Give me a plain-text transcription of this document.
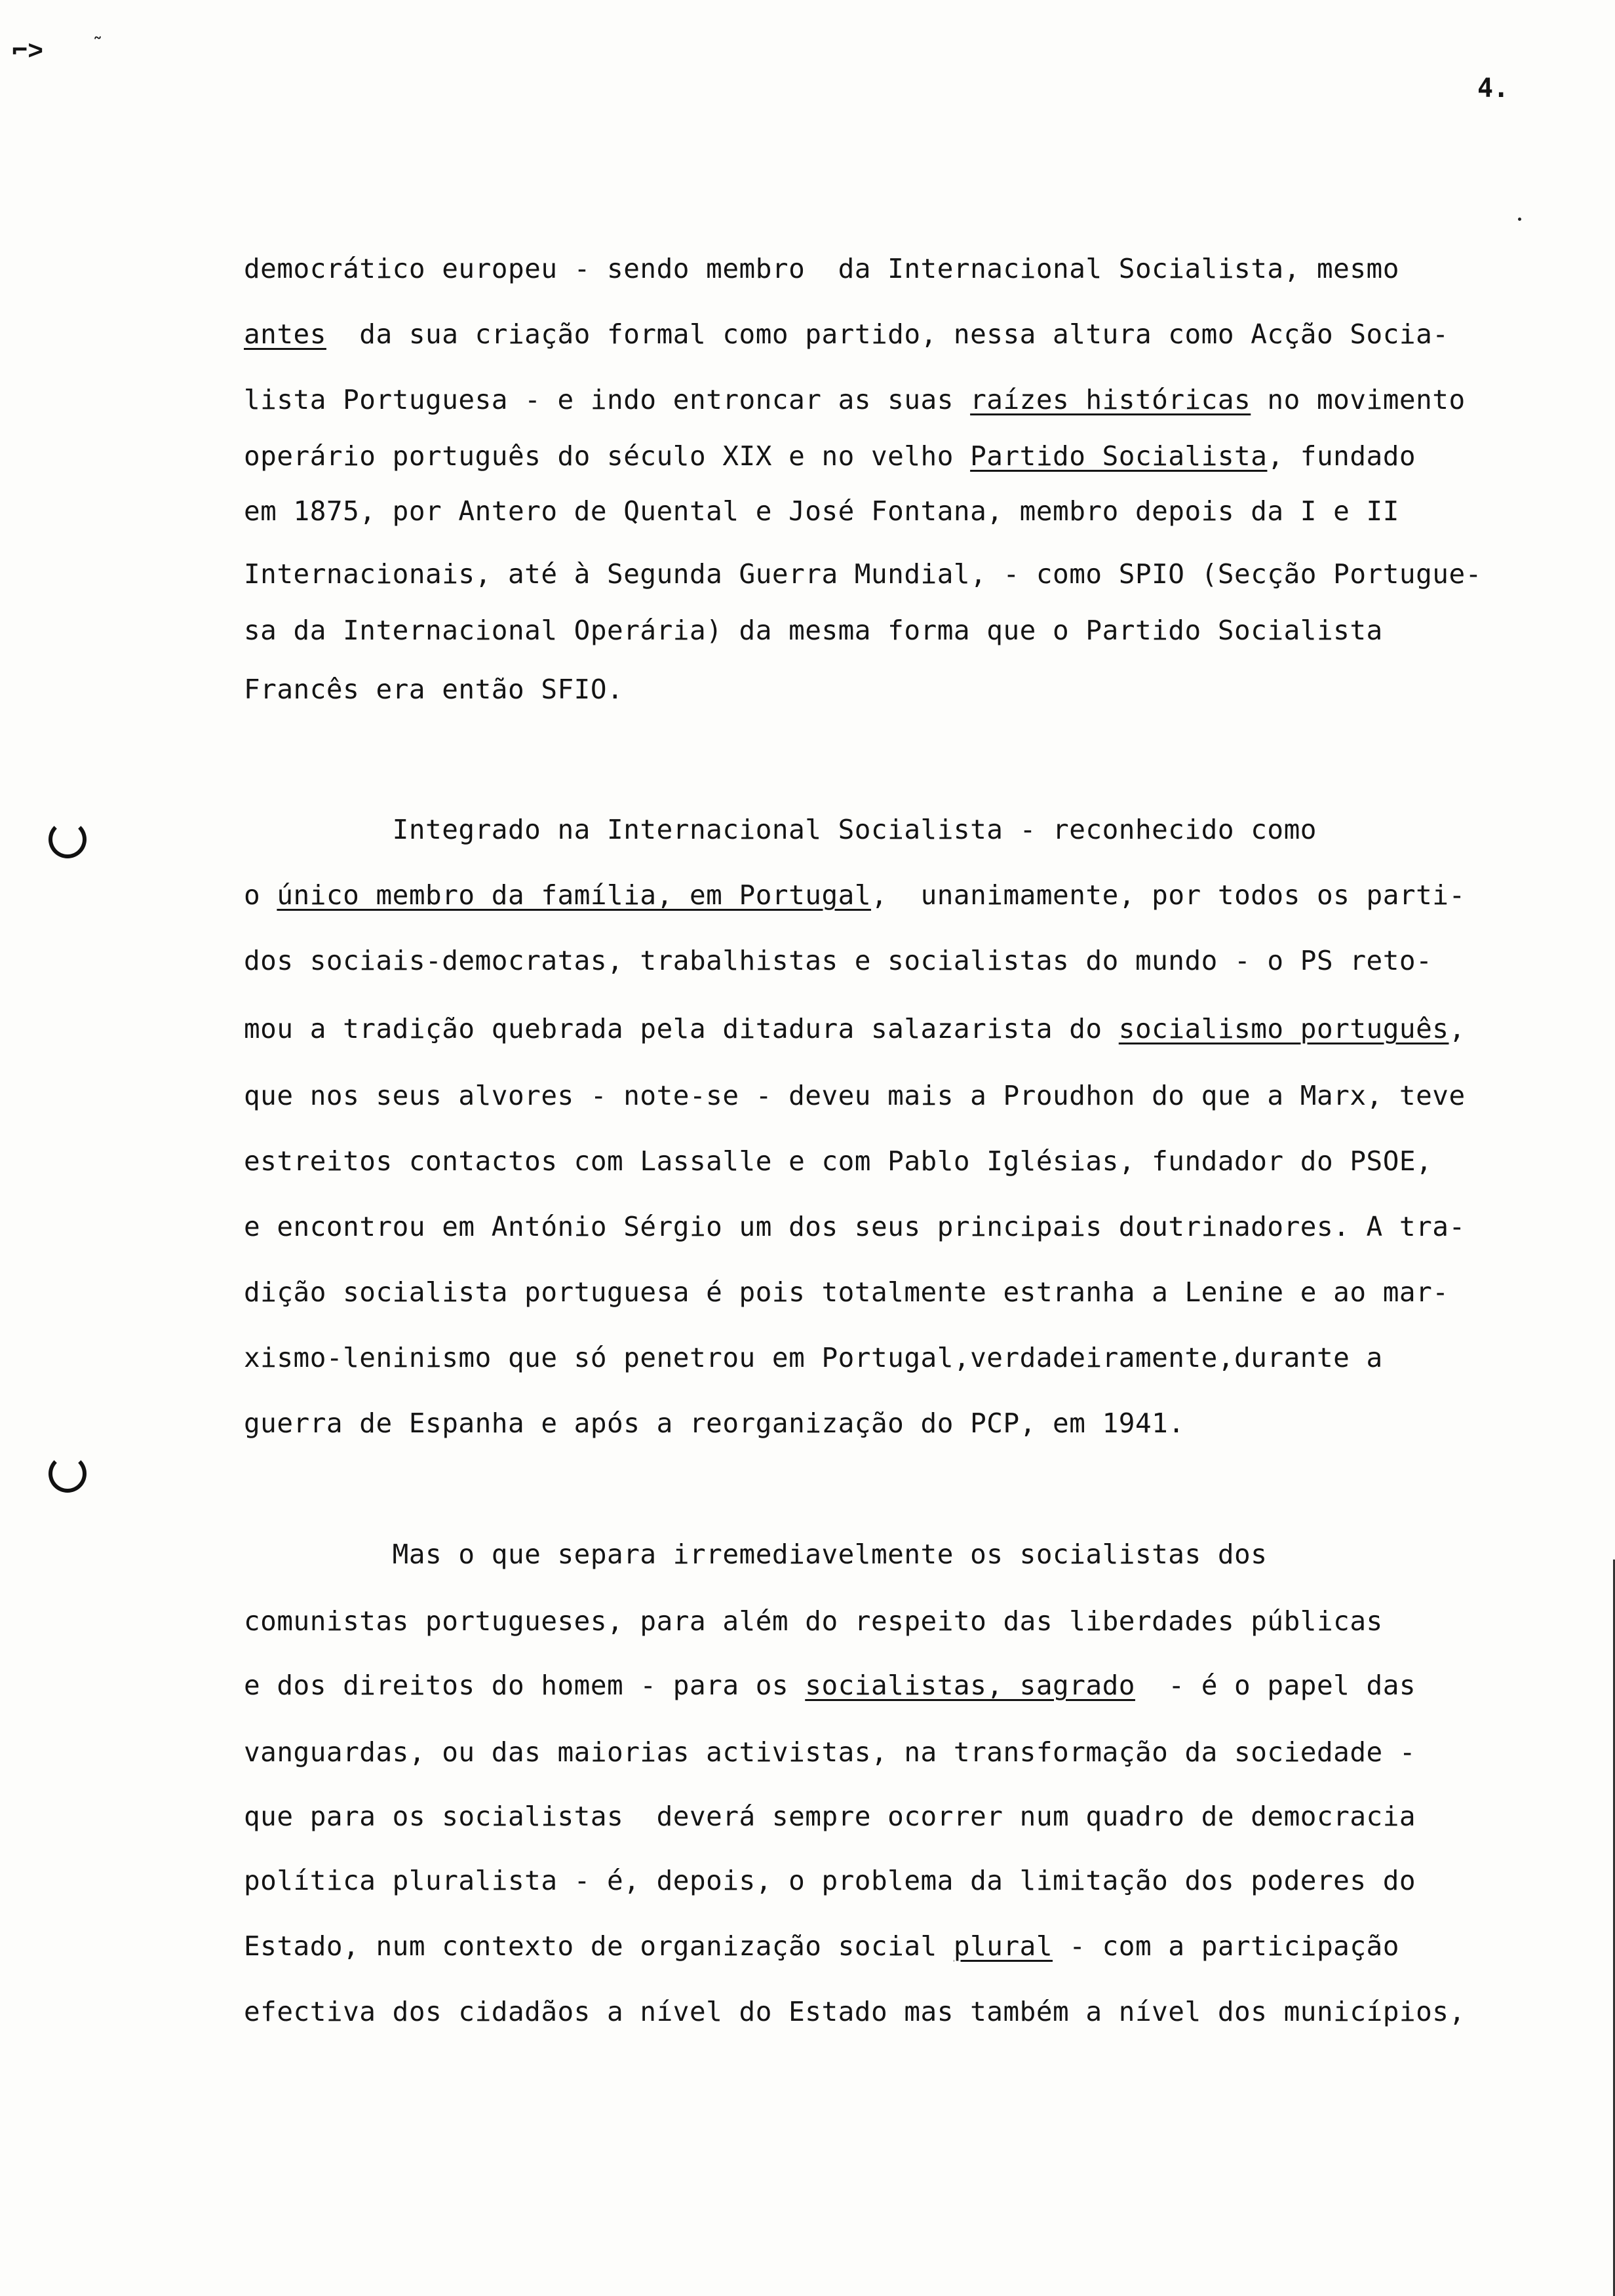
⌐˃ ˜
4.
democrático europeu - sendo membro  da Internacional Socialista, mesmo
antes  da sua criação formal como partido, nessa altura como Acção Socia-
lista Portuguesa - e indo entroncar as suas raízes históricas no movimento
operário português do século XIX e no velho Partido Socialista, fundado
em 1875, por Antero de Quental e José Fontana, membro depois da I e II
Internacionais, até à Segunda Guerra Mundial, - como SPIO (Secção Portugue-
sa da Internacional Operária) da mesma forma que o Partido Socialista
Francês era então SFIO.
Integrado na Internacional Socialista - reconhecido como
o único membro da família, em Portugal,  unanimamente, por todos os parti-
dos sociais-democratas, trabalhistas e socialistas do mundo - o PS reto-
mou a tradição quebrada pela ditadura salazarista do socialismo português,
que nos seus alvores - note-se - deveu mais a Proudhon do que a Marx, teve
estreitos contactos com Lassalle e com Pablo Iglésias, fundador do PSOE,
e encontrou em António Sérgio um dos seus principais doutrinadores. A tra-
dição socialista portuguesa é pois totalmente estranha a Lenine e ao mar-
xismo-leninismo que só penetrou em Portugal,verdadeiramente,durante a
guerra de Espanha e após a reorganização do PCP, em 1941.
Mas o que separa irremediavelmente os socialistas dos
comunistas portugueses, para além do respeito das liberdades públicas
e dos direitos do homem - para os socialistas, sagrado  - é o papel das
vanguardas, ou das maiorias activistas, na transformação da sociedade -
que para os socialistas  deverá sempre ocorrer num quadro de democracia
política pluralista - é, depois, o problema da limitação dos poderes do
Estado, num contexto de organização social plural - com a participação
efectiva dos cidadãos a nível do Estado mas também a nível dos municípios,
